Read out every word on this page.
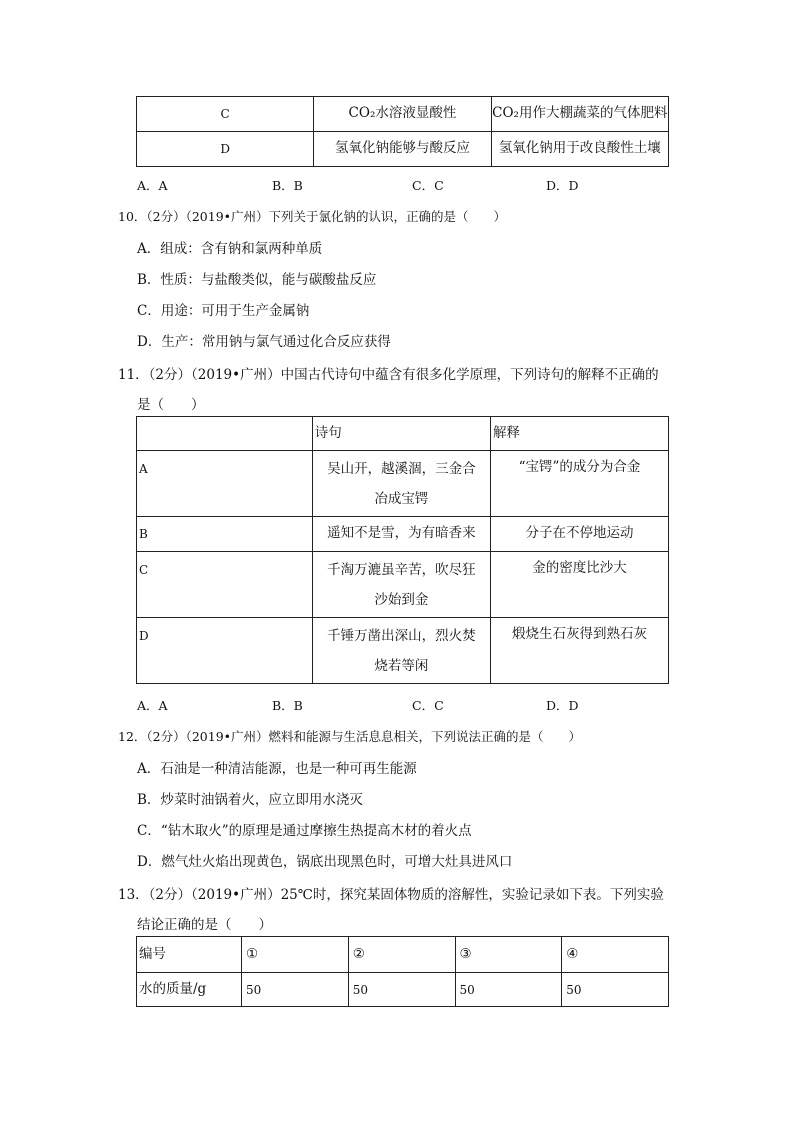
C	CO₂水溶液显酸性	CO₂用作大棚蔬菜的气体肥料
D	氢氧化钠能够与酸反应	氢氧化钠用于改良酸性土壤
A．A	B．B	C．C	D．D
10．（2分）（2019•广州）下列关于氯化钠的认识，正确的是（　　）
A．组成：含有钠和氯两种单质
B．性质：与盐酸类似，能与碳酸盐反应
C．用途：可用于生产金属钠
D．生产：常用钠与氯气通过化合反应获得
11．（2分）（2019•广州）中国古代诗句中蕴含有很多化学原理，下列诗句的解释不正确的
是（　　）
	诗句	解释
A	吴山开，越溪涸，三金合冶成宝锷	“宝锷”的成分为合金
B	遥知不是雪，为有暗香来	分子在不停地运动
C	千淘万漉虽辛苦，吹尽狂沙始到金	金的密度比沙大
D	千锤万凿出深山，烈火焚烧若等闲	煅烧生石灰得到熟石灰
A．A	B．B	C．C	D．D
12．（2分）（2019•广州）燃料和能源与生活息息相关，下列说法正确的是（　　）
A．石油是一种清洁能源，也是一种可再生能源
B．炒菜时油锅着火，应立即用水浇灭
C．“钻木取火”的原理是通过摩擦生热提高木材的着火点
D．燃气灶火焰出现黄色，锅底出现黑色时，可增大灶具进风口
13．（2分）（2019•广州）25℃时，探究某固体物质的溶解性，实验记录如下表。下列实验
结论正确的是（　　）
编号	①	②	③	④
水的质量/g	50	50	50	50
